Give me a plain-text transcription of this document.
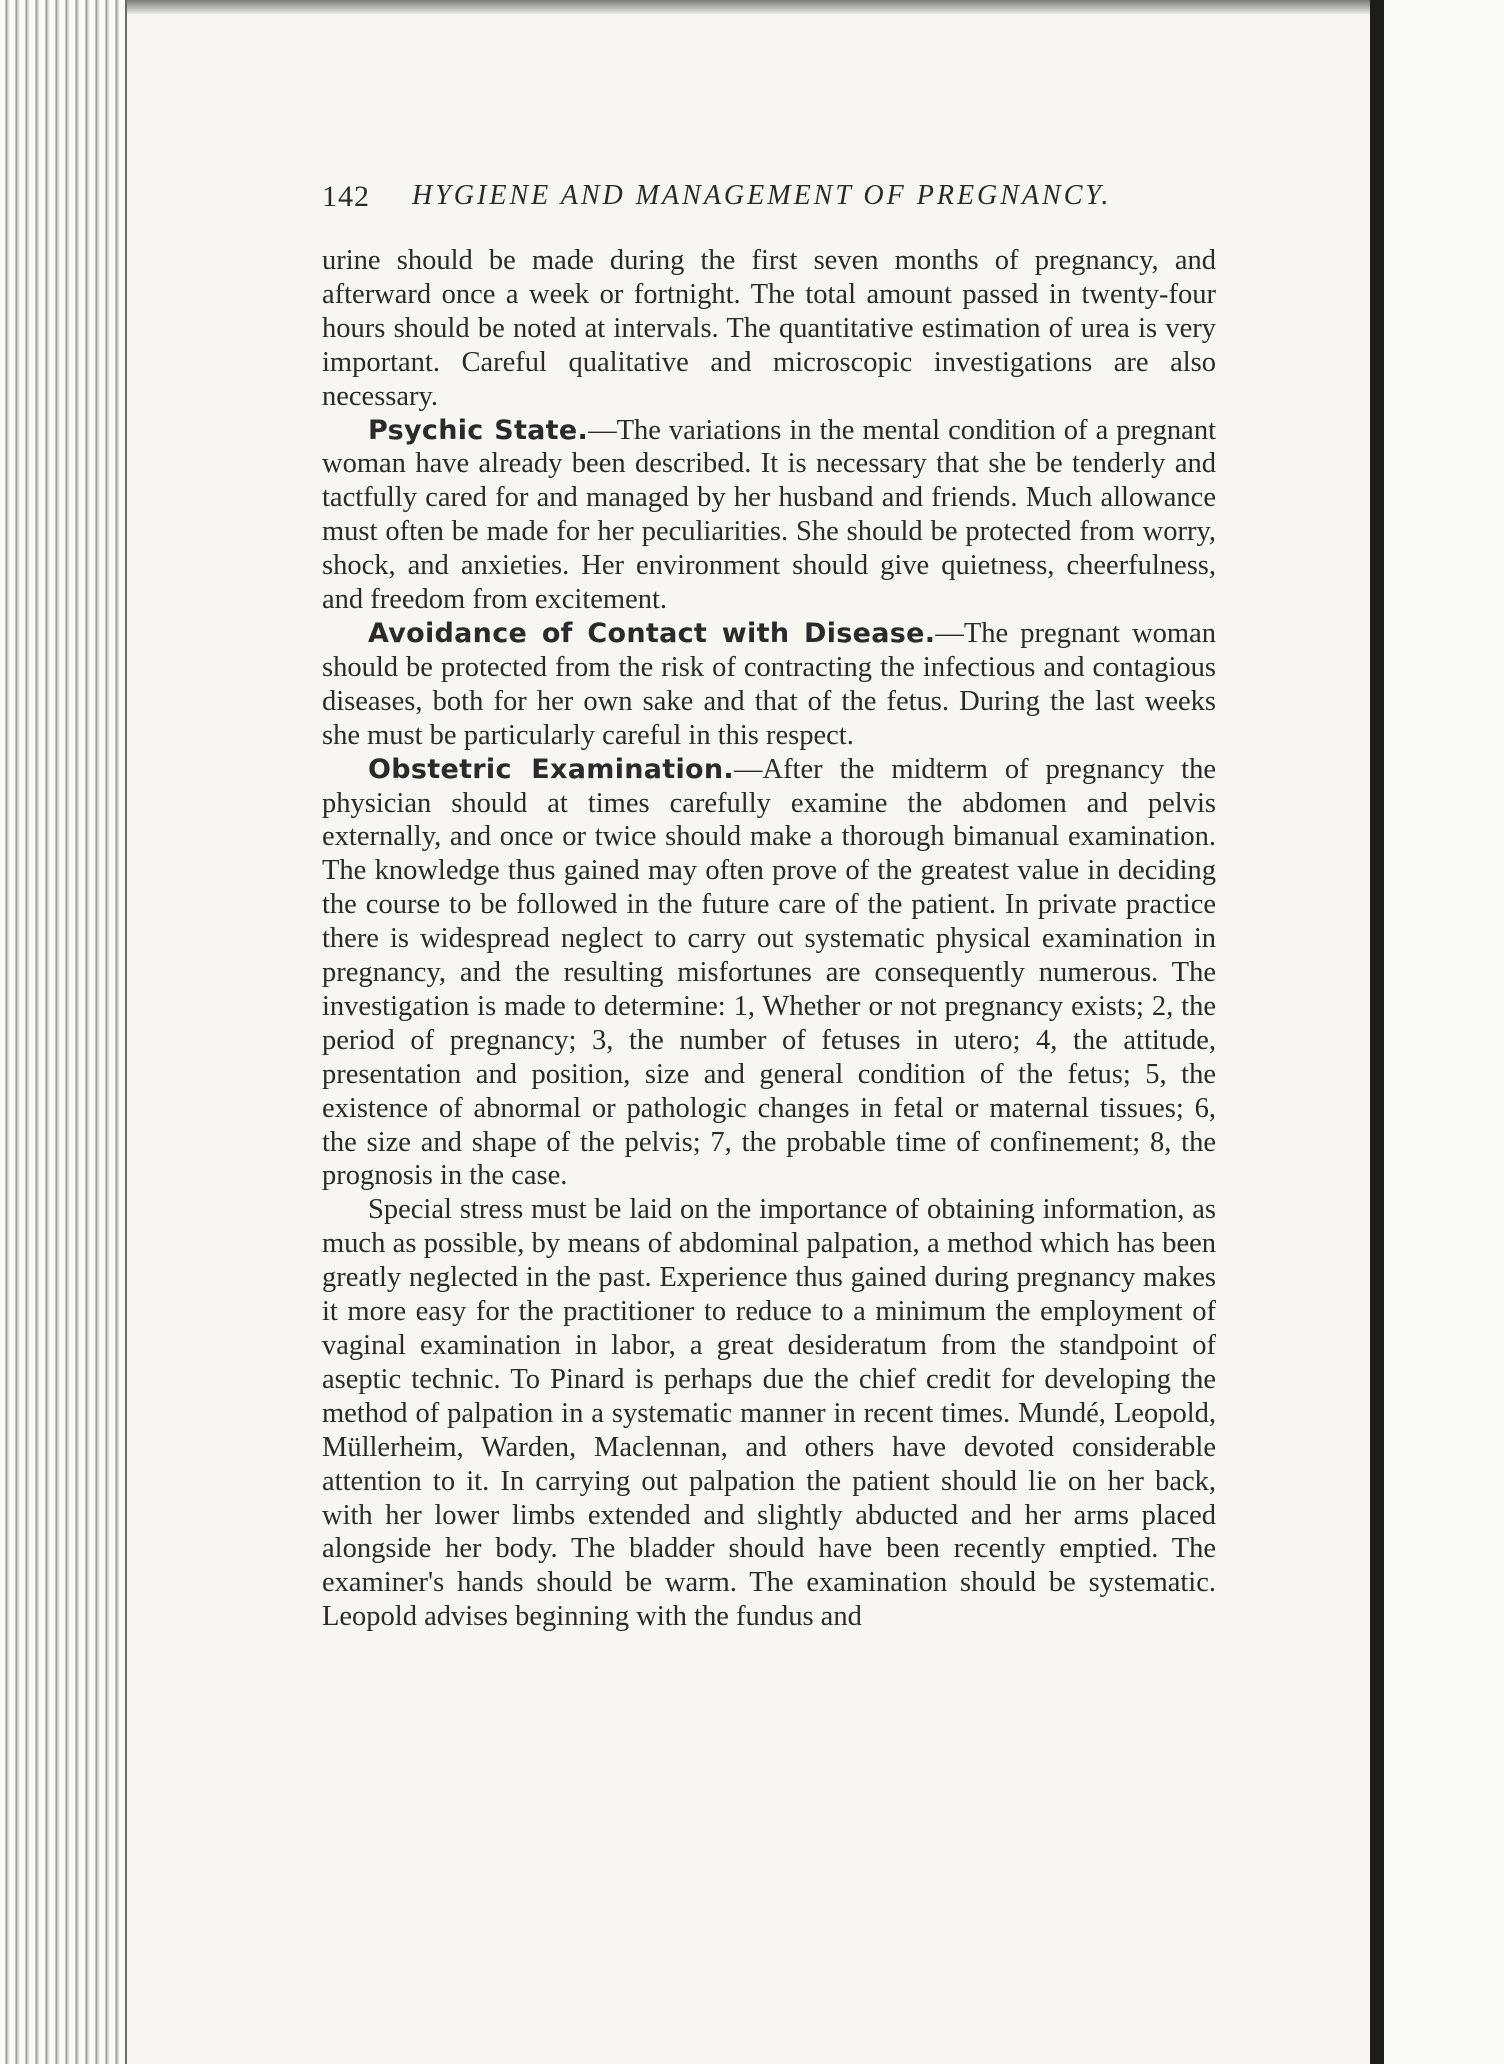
142 HYGIENE AND MANAGEMENT OF PREGNANCY.

urine should be made during the first seven months of pregnancy, and afterward once a week or fortnight. The total amount passed in twenty-four hours should be noted at intervals. The quantitative estimation of urea is very important. Careful qualitative and microscopic investigations are also necessary.

Psychic State.—The variations in the mental condition of a pregnant woman have already been described. It is necessary that she be tenderly and tactfully cared for and managed by her husband and friends. Much allowance must often be made for her peculiarities. She should be protected from worry, shock, and anxieties. Her environment should give quietness, cheerfulness, and freedom from excitement.

Avoidance of Contact with Disease.—The pregnant woman should be protected from the risk of contracting the infectious and contagious diseases, both for her own sake and that of the fetus. During the last weeks she must be particularly careful in this respect.

Obstetric Examination.—After the midterm of pregnancy the physician should at times carefully examine the abdomen and pelvis externally, and once or twice should make a thorough bimanual examination. The knowledge thus gained may often prove of the greatest value in deciding the course to be followed in the future care of the patient. In private practice there is widespread neglect to carry out systematic physical examination in pregnancy, and the resulting misfortunes are consequently numerous. The investigation is made to determine: 1, Whether or not pregnancy exists; 2, the period of pregnancy; 3, the number of fetuses in utero; 4, the attitude, presentation and position, size and general condition of the fetus; 5, the existence of abnormal or pathologic changes in fetal or maternal tissues; 6, the size and shape of the pelvis; 7, the probable time of confinement; 8, the prognosis in the case.

Special stress must be laid on the importance of obtaining information, as much as possible, by means of abdominal palpation, a method which has been greatly neglected in the past. Experience thus gained during pregnancy makes it more easy for the practitioner to reduce to a minimum the employment of vaginal examination in labor, a great desideratum from the standpoint of aseptic technic. To Pinard is perhaps due the chief credit for developing the method of palpation in a systematic manner in recent times. Mundé, Leopold, Müllerheim, Warden, Maclennan, and others have devoted considerable attention to it. In carrying out palpation the patient should lie on her back, with her lower limbs extended and slightly abducted and her arms placed alongside her body. The bladder should have been recently emptied. The examiner's hands should be warm. The examination should be systematic. Leopold advises beginning with the fundus and
